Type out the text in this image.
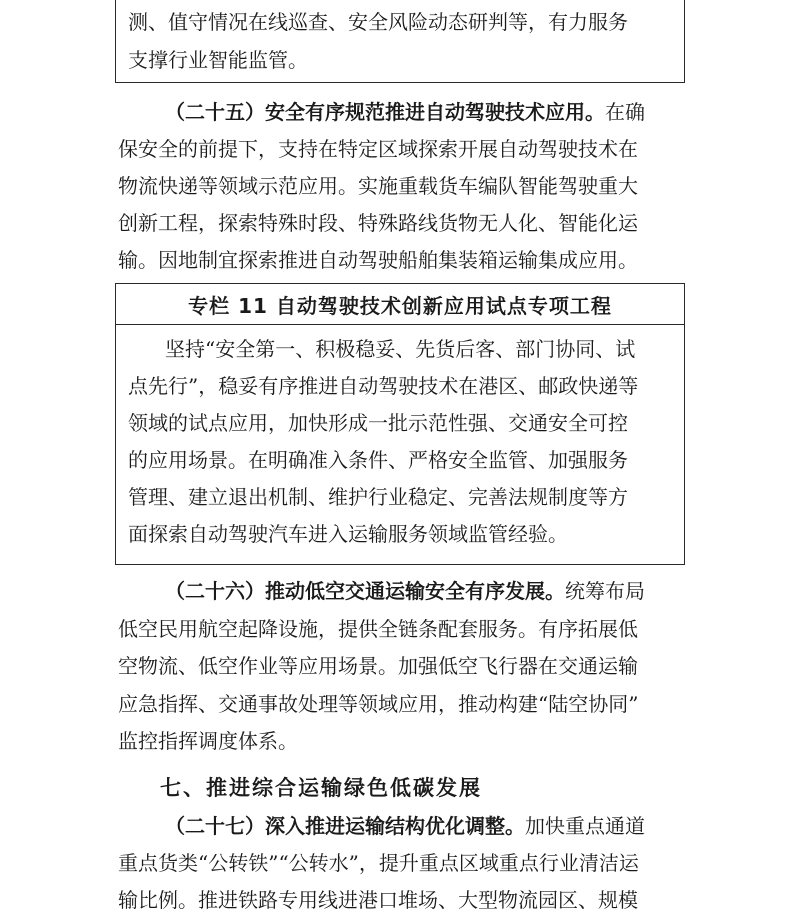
测、值守情况在线巡查、安全风险动态研判等，有力服务
支撑行业智能监管。
（二十五）安全有序规范推进自动驾驶技术应用。在确
保安全的前提下，支持在特定区域探索开展自动驾驶技术在
物流快递等领域示范应用。实施重载货车编队智能驾驶重大
创新工程，探索特殊时段、特殊路线货物无人化、智能化运
输。因地制宜探索推进自动驾驶船舶集装箱运输集成应用。
专栏 11 自动驾驶技术创新应用试点专项工程
坚持“安全第一、积极稳妥、先货后客、部门协同、试
点先行”，稳妥有序推进自动驾驶技术在港区、邮政快递等
领域的试点应用，加快形成一批示范性强、交通安全可控
的应用场景。在明确准入条件、严格安全监管、加强服务
管理、建立退出机制、维护行业稳定、完善法规制度等方
面探索自动驾驶汽车进入运输服务领域监管经验。
（二十六）推动低空交通运输安全有序发展。统筹布局
低空民用航空起降设施，提供全链条配套服务。有序拓展低
空物流、低空作业等应用场景。加强低空飞行器在交通运输
应急指挥、交通事故处理等领域应用，推动构建“陆空协同”
监控指挥调度体系。
七、推进综合运输绿色低碳发展
（二十七）深入推进运输结构优化调整。加快重点通道
重点货类“公转铁”“公转水”，提升重点区域重点行业清洁运
输比例。推进铁路专用线进港口堆场、大型物流园区、规模
